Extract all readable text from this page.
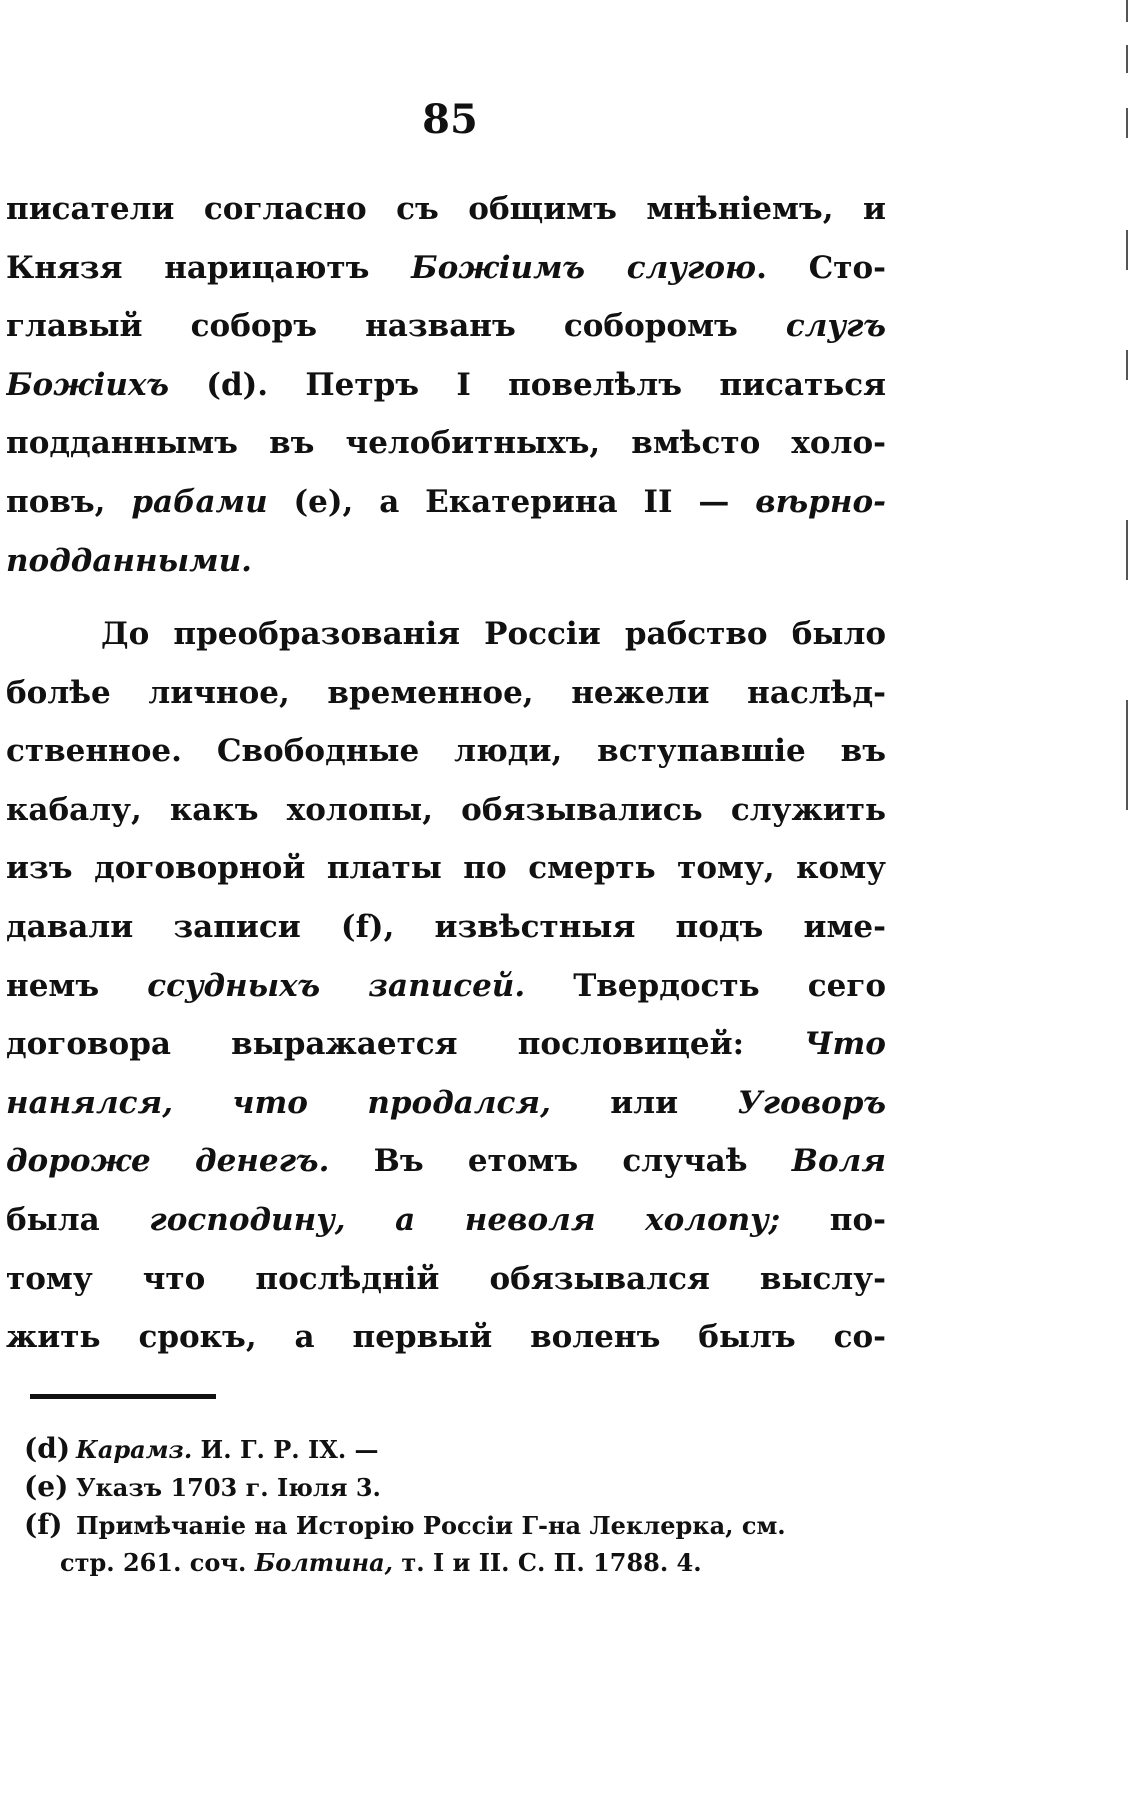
85
писатели согласно съ общимъ мнѣніемъ, и
Князя нарицаютъ Божіимъ слугою. Сто-
главый соборъ названъ соборомъ слугъ
Божіихъ (d). Петръ I повелѣлъ писаться
подданнымъ въ челобитныхъ, вмѣсто холо-
повъ, рабами (e), а Екатерина II — вѣрно-
подданными.
До преобразованія Россіи рабство было
болѣе личное, временное, нежели наслѣд-
ственное. Свободные люди, вступавшіе въ
кабалу, какъ холопы, обязывались служить
изъ договорной платы по смерть тому, кому
давали записи (f), извѣстныя подъ име-
немъ ссудныхъ записей. Твердость сего
договора выражается пословицей: Что
нанялся, что продался, или Уговоръ
дороже денегъ. Въ етомъ случаѣ Воля
была господину, а неволя холопу; по-
тому что послѣдній обязывался выслу-
жить срокъ, а первый воленъ былъ со-
(d) Карамз. И. Г. Р. IX. —
(e) Указъ 1703 г. Іюля 3.
(f) Примѣчаніе на Исторію Россіи Г-на Леклерка, см.
стр. 261. соч. Болтина, т. I и II. С. П. 1788. 4.
